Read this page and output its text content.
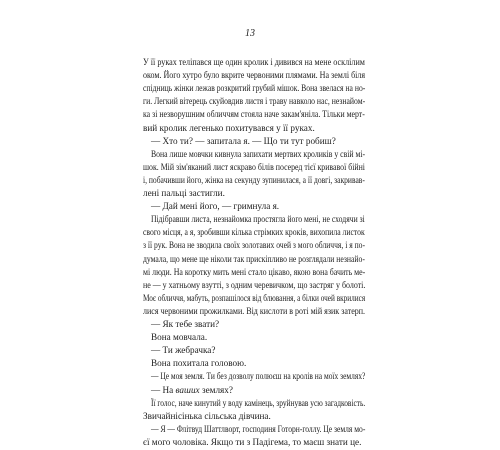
13
У її руках теліпався ще один кролик і дивився на мене осклілим
оком. Його хутро було вкрите червоними плямами. На землі біля
спідниць жінки лежав розкритий грубий мішок. Вона звелася на но-
ги. Легкий вітерець скуйовдив листя і траву навколо нас, незнайом-
ка зі незворушним обличчям стояла наче закам'яніла. Тільки мерт-
вий кролик легенько похитувався у її руках.
— Хто ти? — запитала я. — Що ти тут робиш?
Вона лише мовчки кивнула запихати мертвих кроликів у свій мі-
шок. Мій зім'яканий лист яскраво білів посеред тієї кривавої бійні
і, побачивши його, жінка на секунду зупинилася, а її довгі, закривав-
лені пальці застигли.
— Дай мені його, — гримнула я.
Підібравши листа, незнайомка простягла його мені, не сходячи зі
свого місця, а я, зробивши кілька стрімких кроків, вихопила листок
з її рук. Вона не зводила своїх золотавих очей з мого обличчя, і я по-
думала, що мене ще ніколи так прискіпливо не розглядали незнайо-
мі люди. На коротку мить мені стало цікаво, якою вона бачить ме-
не — у хатньому взутті, з одним черевичком, що застряг у болоті.
Моє обличчя, мабуть, розпашілося від блювання, а білки очей вкрилися
лися червоними прожилками. Від кислоти в роті мій язик затерп.
— Як тебе звати?
Вона мовчала.
— Ти жебрачка?
Вона похитала головою.
— Це моя земля. Ти без дозволу полюєш на кролів на моїх землях?
— На ваших землях?
Її голос, наче кинутий у воду камінець, зруйнував усю загадковість.
Звичайнісінька сільська дівчина.
— Я — Флітвуд Шаттлворт, господиня Готорн-голлу. Це земля мо-
єї мого чоловіка. Якщо ти з Падігема, то маєш знати це.
